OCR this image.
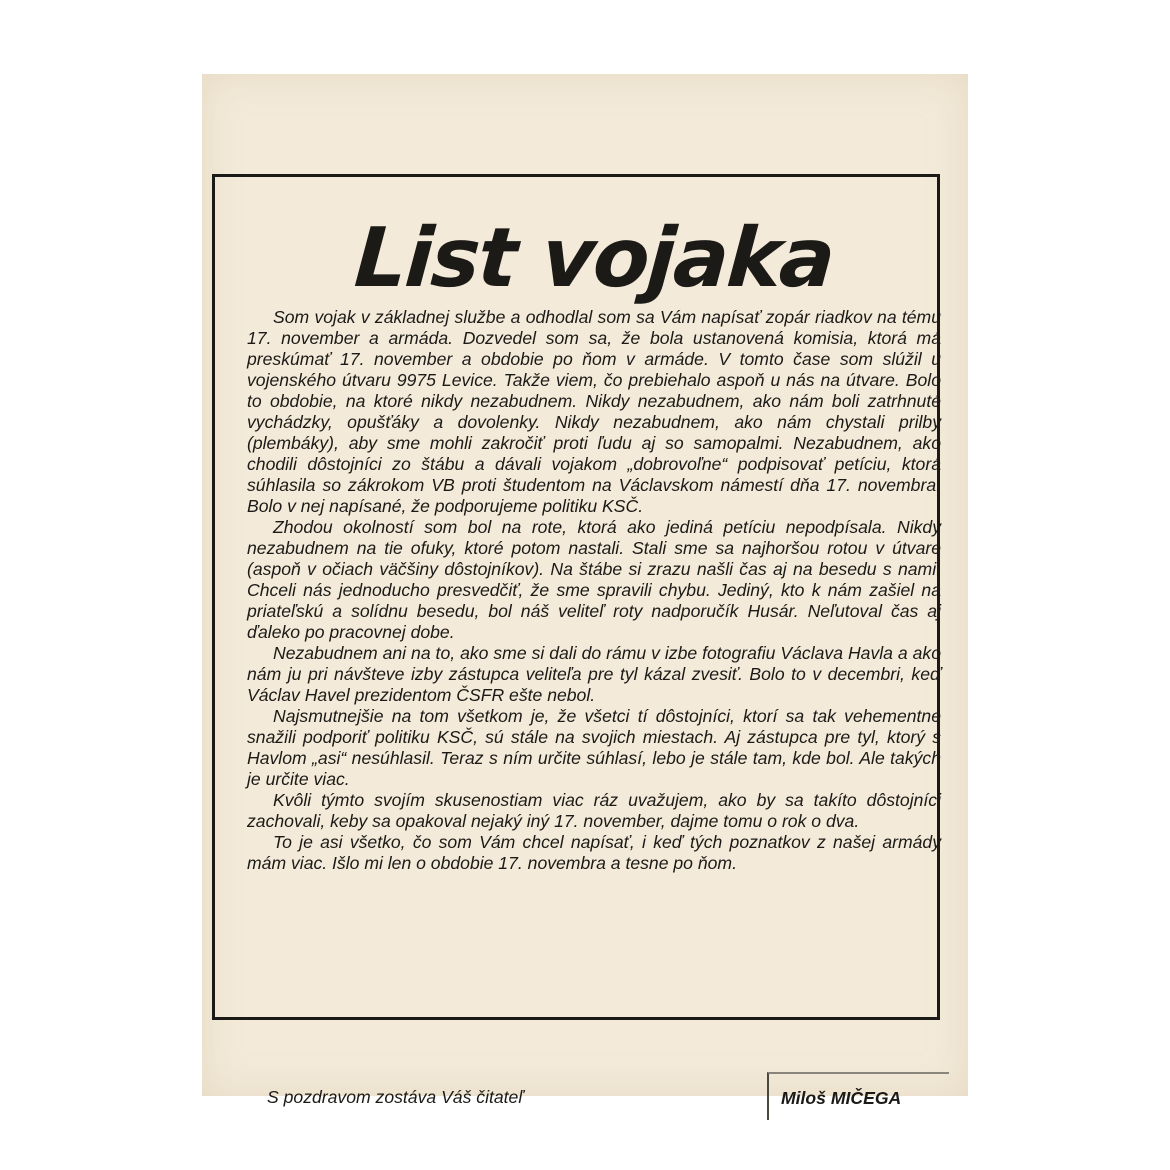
List vojaka

Som vojak v základnej službe a odhodlal som sa Vám napísať zopár riadkov na tému 17. november a armáda. Dozvedel som sa, že bola ustanovená komisia, ktorá má preskúmať 17. november a obdobie po ňom v armáde. V tomto čase som slúžil u vojenského útvaru 9975 Levice. Takže viem, čo prebiehalo aspoň u nás na útvare. Bolo to obdobie, na ktoré nikdy nezabudnem. Nikdy nezabudnem, ako nám boli zatrhnuté vychádzky, opušťáky a dovolenky. Nikdy nezabudnem, ako nám chystali prilby (plembáky), aby sme mohli zakročiť proti ľudu aj so samopalmi. Nezabudnem, ako chodili dôstojníci zo štábu a dávali vojakom „dobrovoľne“ podpisovať petíciu, ktorá súhlasila so zákrokom VB proti študentom na Václavskom námestí dňa 17. novembra. Bolo v nej napísané, že podporujeme politiku KSČ.

Zhodou okolností som bol na rote, ktorá ako jediná petíciu nepodpísala. Nikdy nezabudnem na tie ofuky, ktoré potom nastali. Stali sme sa najhoršou rotou v útvare (aspoň v očiach väčšiny dôstojníkov). Na štábe si zrazu našli čas aj na besedu s nami. Chceli nás jednoducho presvedčiť, že sme spravili chybu. Jediný, kto k nám zašiel na priateľskú a solídnu besedu, bol náš veliteľ roty nadporučík Husár. Neľutoval čas aj ďaleko po pracovnej dobe.

Nezabudnem ani na to, ako sme si dali do rámu v izbe fotografiu Václava Havla a ako nám ju pri návšteve izby zástupca veliteľa pre tyl kázal zvesiť. Bolo to v decembri, keď Václav Havel prezidentom ČSFR ešte nebol.

Najsmutnejšie na tom všetkom je, že všetci tí dôstojníci, ktorí sa tak vehementne snažili podporiť politiku KSČ, sú stále na svojich miestach. Aj zástupca pre tyl, ktorý s Havlom „asi“ nesúhlasil. Teraz s ním určite súhlasí, lebo je stále tam, kde bol. Ale takých je určite viac.

Kvôli týmto svojím skusenostiam viac ráz uvažujem, ako by sa takíto dôstojníci zachovali, keby sa opakoval nejaký iný 17. november, dajme tomu o rok o dva.

To je asi všetko, čo som Vám chcel napísať, i keď tých poznatkov z našej armády mám viac. Išlo mi len o obdobie 17. novembra a tesne po ňom.

S pozdravom zostáva Váš čitateľ	Miloš MIČEGA
